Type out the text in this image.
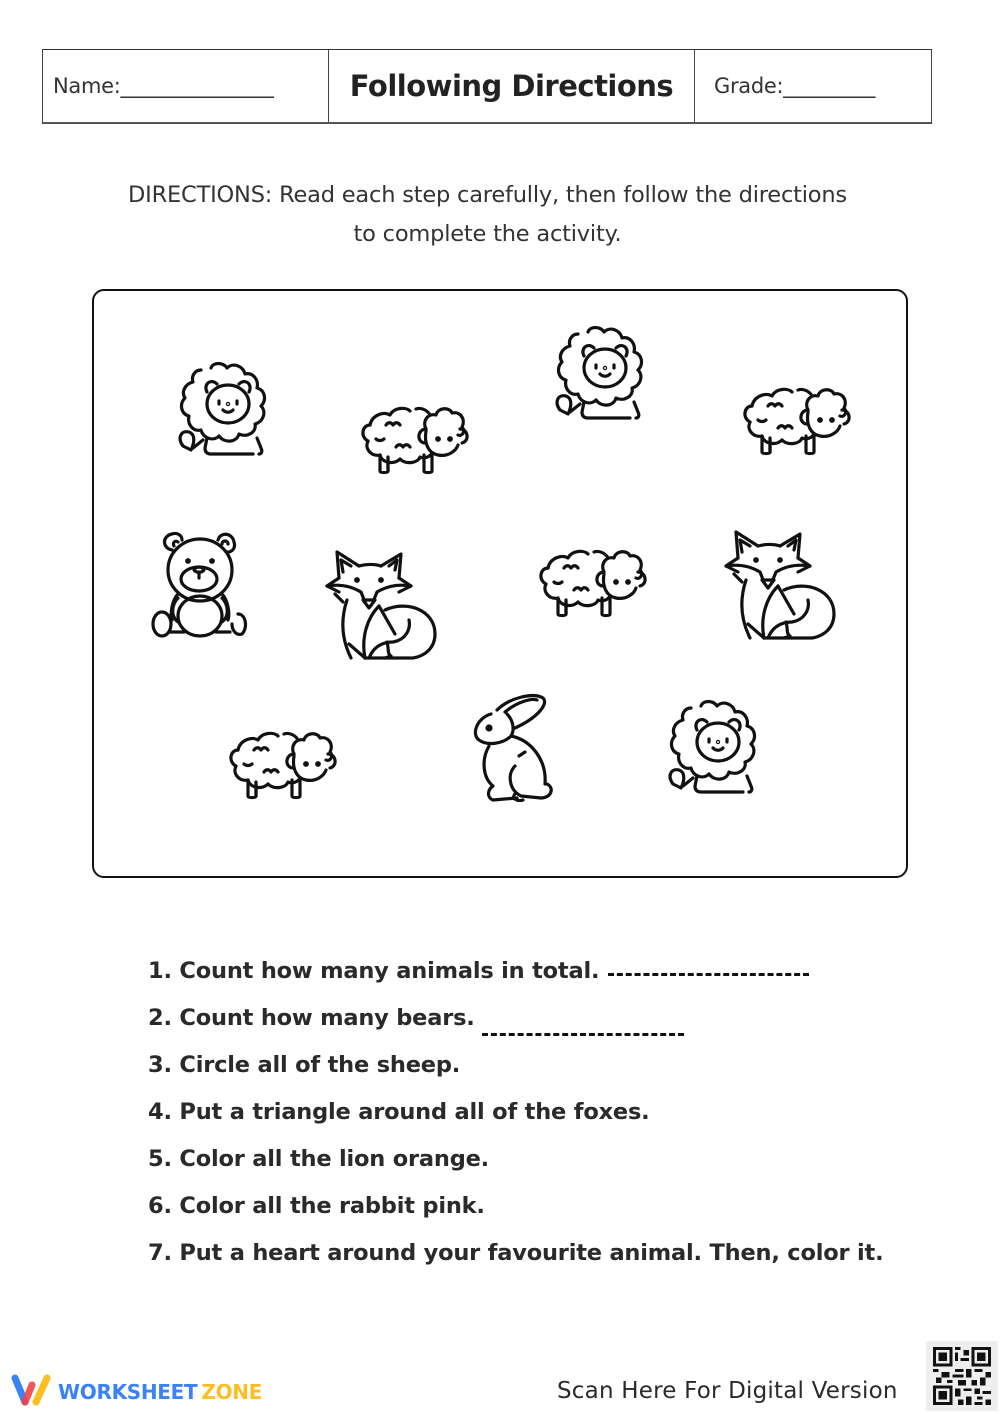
Name:_______________	Following Directions Grade:_________
DIRECTIONS: Read each step carefully, then follow the directions to complete the activity.
1. Count how many animals in total.
2. Count how many bears.
3. Circle all of the sheep.
4. Put a triangle around all of the foxes.
5. Color all the lion orange.
6. Color all the rabbit pink.
7. Put a heart around your favourite animal. Then, color it.
WORKSHEET ZONE	Scan Here For Digital Version
